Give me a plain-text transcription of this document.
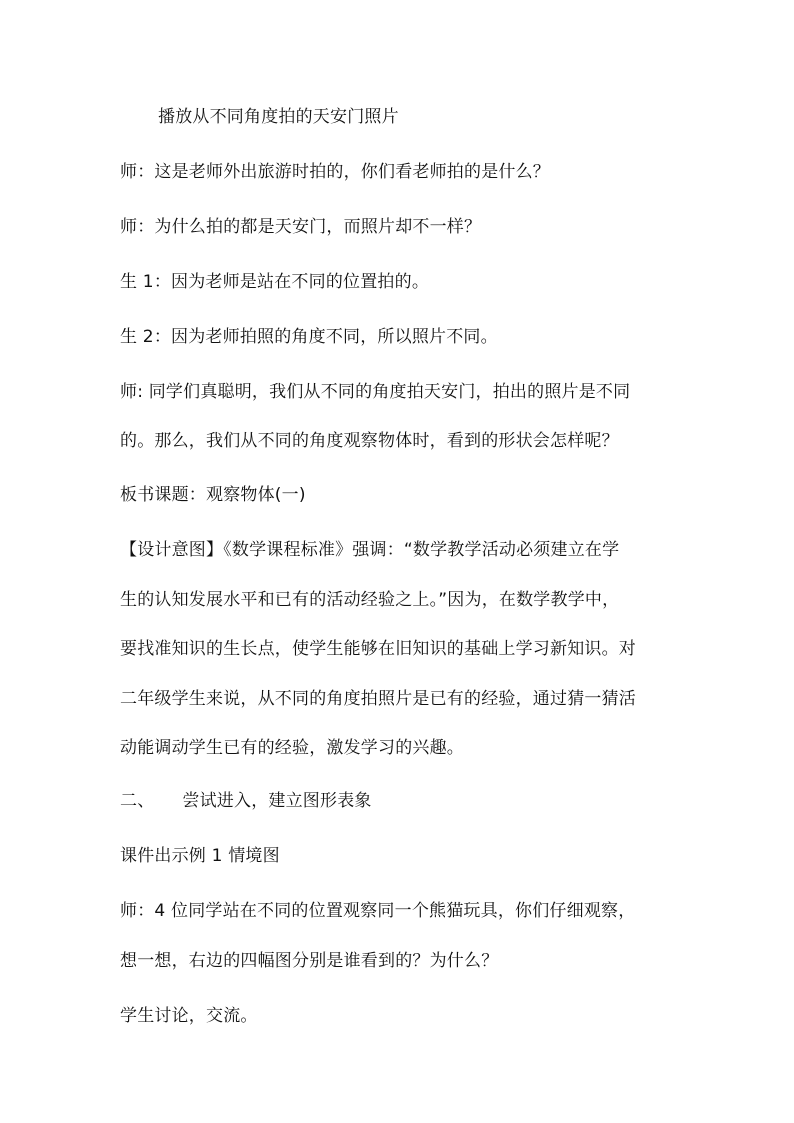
播放从不同角度拍的天安门照片
师：这是老师外出旅游时拍的，你们看老师拍的是什么？
师：为什么拍的都是天安门，而照片却不一样？
生 1：因为老师是站在不同的位置拍的。
生 2：因为老师拍照的角度不同，所以照片不同。
师: 同学们真聪明，我们从不同的角度拍天安门，拍出的照片是不同
的。那么，我们从不同的角度观察物体时，看到的形状会怎样呢？
板书课题：观察物体(一)
【设计意图】《数学课程标准》强调：“数学教学活动必须建立在学
生的认知发展水平和已有的活动经验之上。”因为，在数学教学中，
要找准知识的生长点，使学生能够在旧知识的基础上学习新知识。对
二年级学生来说，从不同的角度拍照片是已有的经验，通过猜一猜活
动能调动学生已有的经验，激发学习的兴趣。
二、 尝试进入，建立图形表象
课件出示例 1 情境图
师：4 位同学站在不同的位置观察同一个熊猫玩具，你们仔细观察，
想一想，右边的四幅图分别是谁看到的？为什么？
学生讨论，交流。
